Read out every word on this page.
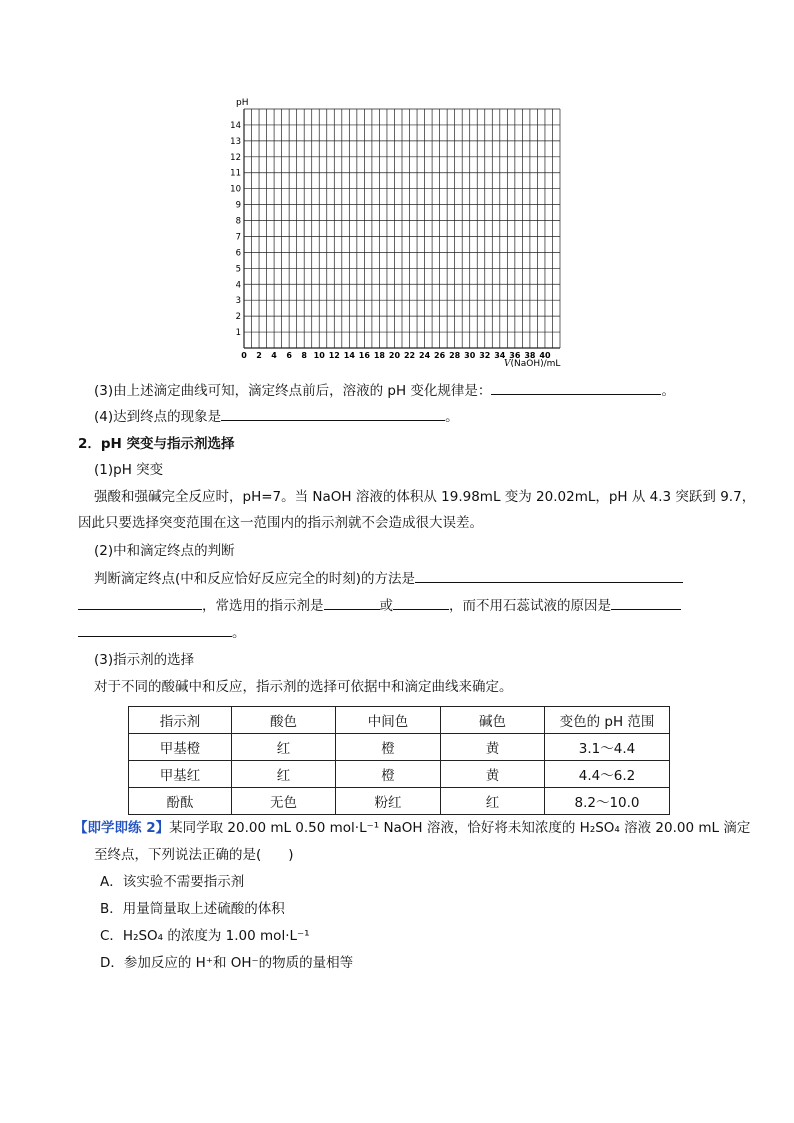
1
2
3
4
5
6
7
8
9
10
11
12
13
14
0 2 4 6 8 10 12 14 16 18 20 22 24 26 28 30 32 34 36 38 40
pH
V(NaOH)/mL
(3)由上述滴定曲线可知，滴定终点前后，溶液的 pH 变化规律是：	。
(4)达到终点的现象是	。
2．pH 突变与指示剂选择
(1)pH 突变
强酸和强碱完全反应时，pH=7。当 NaOH 溶液的体积从 19.98mL 变为 20.02mL，pH 从 4.3 突跃到 9.7，
因此只要选择突变范围在这一范围内的指示剂就不会造成很大误差。
(2)中和滴定终点的判断
判断滴定终点(中和反应恰好反应完全的时刻)的方法是
，常选用的指示剂是	或	，而不用石蕊试液的原因是
。
(3)指示剂的选择
对于不同的酸碱中和反应，指示剂的选择可依据中和滴定曲线来确定。
指示剂	酸色	中间色	碱色	变色的 pH 范围
甲基橙	红	橙	黄	3.1～4.4
甲基红	红	橙	黄	4.4～6.2
酚酞	无色	粉红	红	8.2～10.0
【即学即练 2】某同学取 20.00 mL 0.50 mol·L⁻¹ NaOH 溶液，恰好将未知浓度的 H₂SO₄ 溶液 20.00 mL 滴定
至终点，下列说法正确的是(　　)
A．该实验不需要指示剂
B．用量筒量取上述硫酸的体积
C．H₂SO₄ 的浓度为 1.00 mol·L⁻¹
D．参加反应的 H⁺和 OH⁻的物质的量相等
